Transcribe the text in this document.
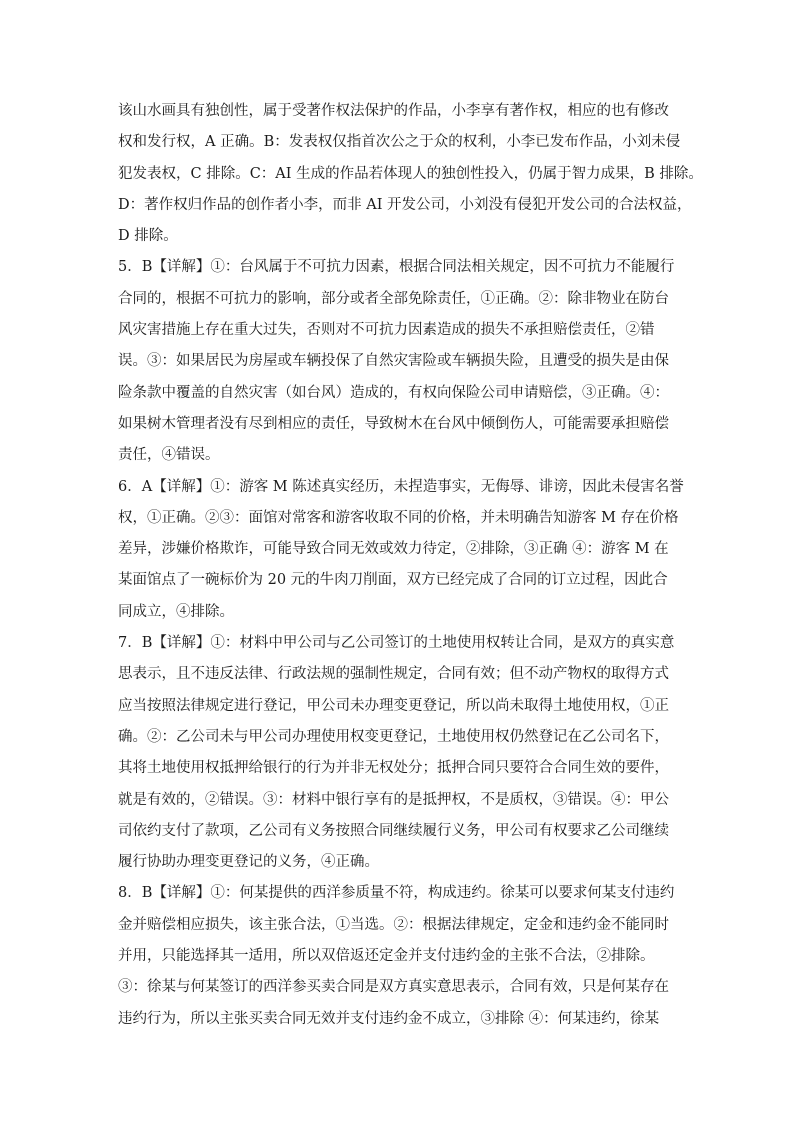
该山水画具有独创性，属于受著作权法保护的作品，小李享有著作权，相应的也有修改
权和发行权，A 正确。B：发表权仅指首次公之于众的权利，小李已发布作品，小刘未侵
犯发表权，C 排除。C：AI 生成的作品若体现人的独创性投入，仍属于智力成果，B 排除。
D：著作权归作品的创作者小李，而非 AI 开发公司，小刘没有侵犯开发公司的合法权益，
D 排除。
5．B【详解】①：台风属于不可抗力因素，根据合同法相关规定，因不可抗力不能履行
合同的，根据不可抗力的影响，部分或者全部免除责任，①正确。②：除非物业在防台
风灾害措施上存在重大过失，否则对不可抗力因素造成的损失不承担赔偿责任，②错
误。③：如果居民为房屋或车辆投保了自然灾害险或车辆损失险，且遭受的损失是由保
险条款中覆盖的自然灾害（如台风）造成的，有权向保险公司申请赔偿，③正确。④：
如果树木管理者没有尽到相应的责任，导致树木在台风中倾倒伤人，可能需要承担赔偿
责任，④错误。
6．A【详解】①：游客 M 陈述真实经历，未捏造事实，无侮辱、诽谤，因此未侵害名誉
权，①正确。②③：面馆对常客和游客收取不同的价格，并未明确告知游客 M 存在价格
差异，涉嫌价格欺诈，可能导致合同无效或效力待定，②排除，③正确 ④：游客 M 在
某面馆点了一碗标价为 20 元的牛肉刀削面，双方已经完成了合同的订立过程，因此合
同成立，④排除。
7．B【详解】①：材料中甲公司与乙公司签订的土地使用权转让合同，是双方的真实意
思表示，且不违反法律、行政法规的强制性规定，合同有效；但不动产物权的取得方式
应当按照法律规定进行登记，甲公司未办理变更登记，所以尚未取得土地使用权，①正
确。②：乙公司未与甲公司办理使用权变更登记，土地使用权仍然登记在乙公司名下，
其将土地使用权抵押给银行的行为并非无权处分；抵押合同只要符合合同生效的要件，
就是有效的，②错误。③：材料中银行享有的是抵押权，不是质权，③错误。④：甲公
司依约支付了款项，乙公司有义务按照合同继续履行义务，甲公司有权要求乙公司继续
履行协助办理变更登记的义务，④正确。
8．B【详解】①：何某提供的西洋参质量不符，构成违约。徐某可以要求何某支付违约
金并赔偿相应损失，该主张合法，①当选。②：根据法律规定，定金和违约金不能同时
并用，只能选择其一适用，所以双倍返还定金并支付违约金的主张不合法，②排除。
③：徐某与何某签订的西洋参买卖合同是双方真实意思表示，合同有效，只是何某存在
违约行为，所以主张买卖合同无效并支付违约金不成立，③排除 ④：何某违约，徐某
